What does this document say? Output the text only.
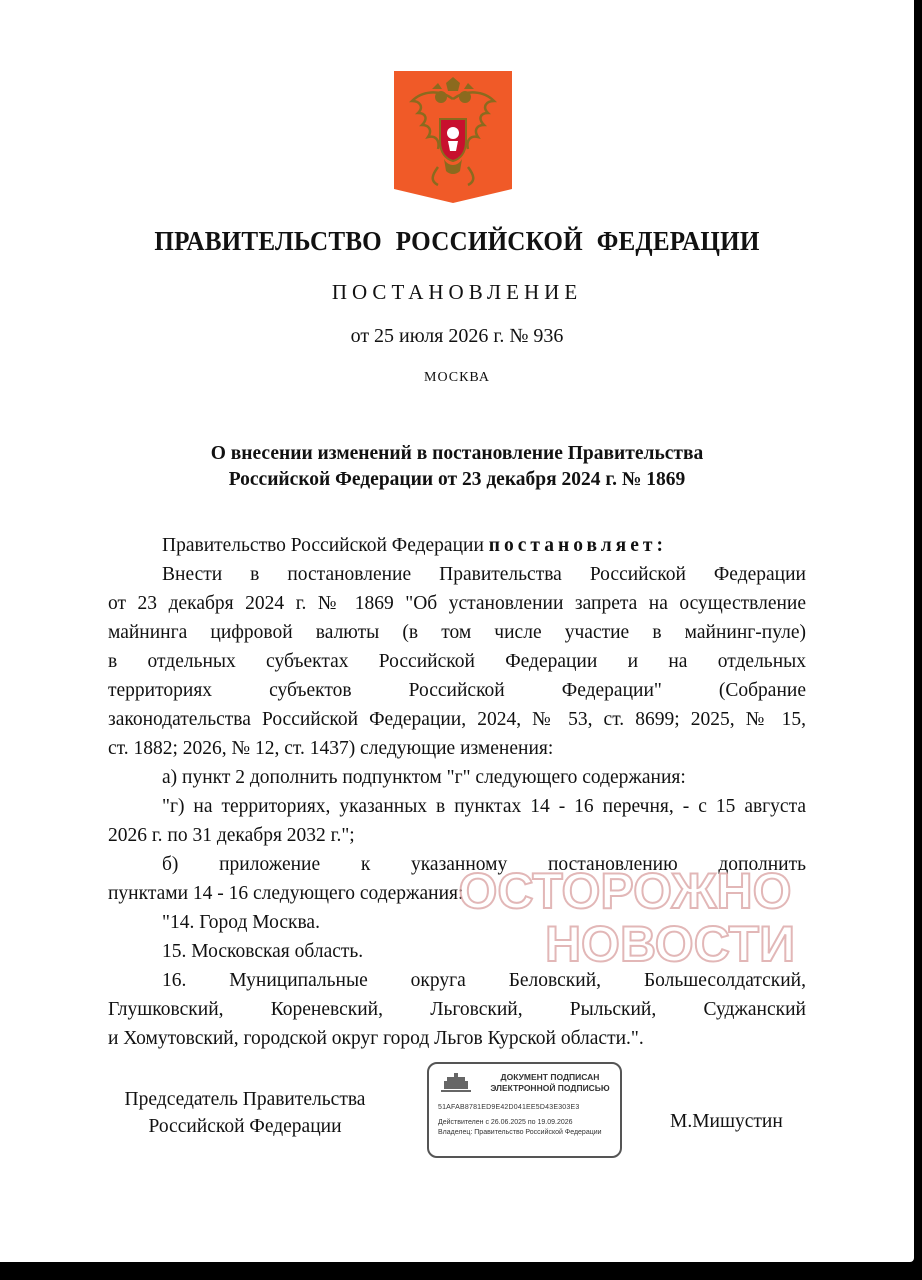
ПРАВИТЕЛЬСТВО РОССИЙСКОЙ ФЕДЕРАЦИИ
ПОСТАНОВЛЕНИЕ
от 25 июля 2026 г. № 936
МОСКВА
О внесении изменений в постановление Правительства
Российской Федерации от 23 декабря 2024 г. № 1869

Правительство Российской Федерации постановляет:

Внести в постановление Правительства Российской Федерации

от 23 декабря 2024 г. № 1869 "Об установлении запрета на осуществление

майнинга цифровой валюты (в том числе участие в майнинг-пуле)

в отдельных субъектах Российской Федерации и на отдельных

территориях субъектов Российской Федерации" (Собрание

законодательства Российской Федерации, 2024, № 53, ст. 8699; 2025, № 15,

ст. 1882; 2026, № 12, ст. 1437) следующие изменения:

а) пункт 2 дополнить подпунктом "г" следующего содержания:

"г) на территориях, указанных в пунктах 14 - 16 перечня, - с 15 августа

2026 г. по 31 декабря 2032 г.";

б) приложение к указанному постановлению дополнить

пунктами 14 - 16 следующего содержания:

"14. Город Москва.

15. Московская область.

16. Муниципальные округа Беловский, Большесолдатский,

Глушковский, Кореневский, Льговский, Рыльский, Суджанский

и Хомутовский, городской округ город Льгов Курской области.".

ОСТОРОЖНО
НОВОСТИ
Председатель Правительства
Российской Федерации
ДОКУМЕНТ ПОДПИСАН
ЭЛЕКТРОННОЙ ПОДПИСЬЮ
51AFAB8781ED9E42D041EE5D43E303E3
Действителен с 26.06.2025 по 19.09.2026
Владелец: Правительство Российской Федерации
М.Мишустин
